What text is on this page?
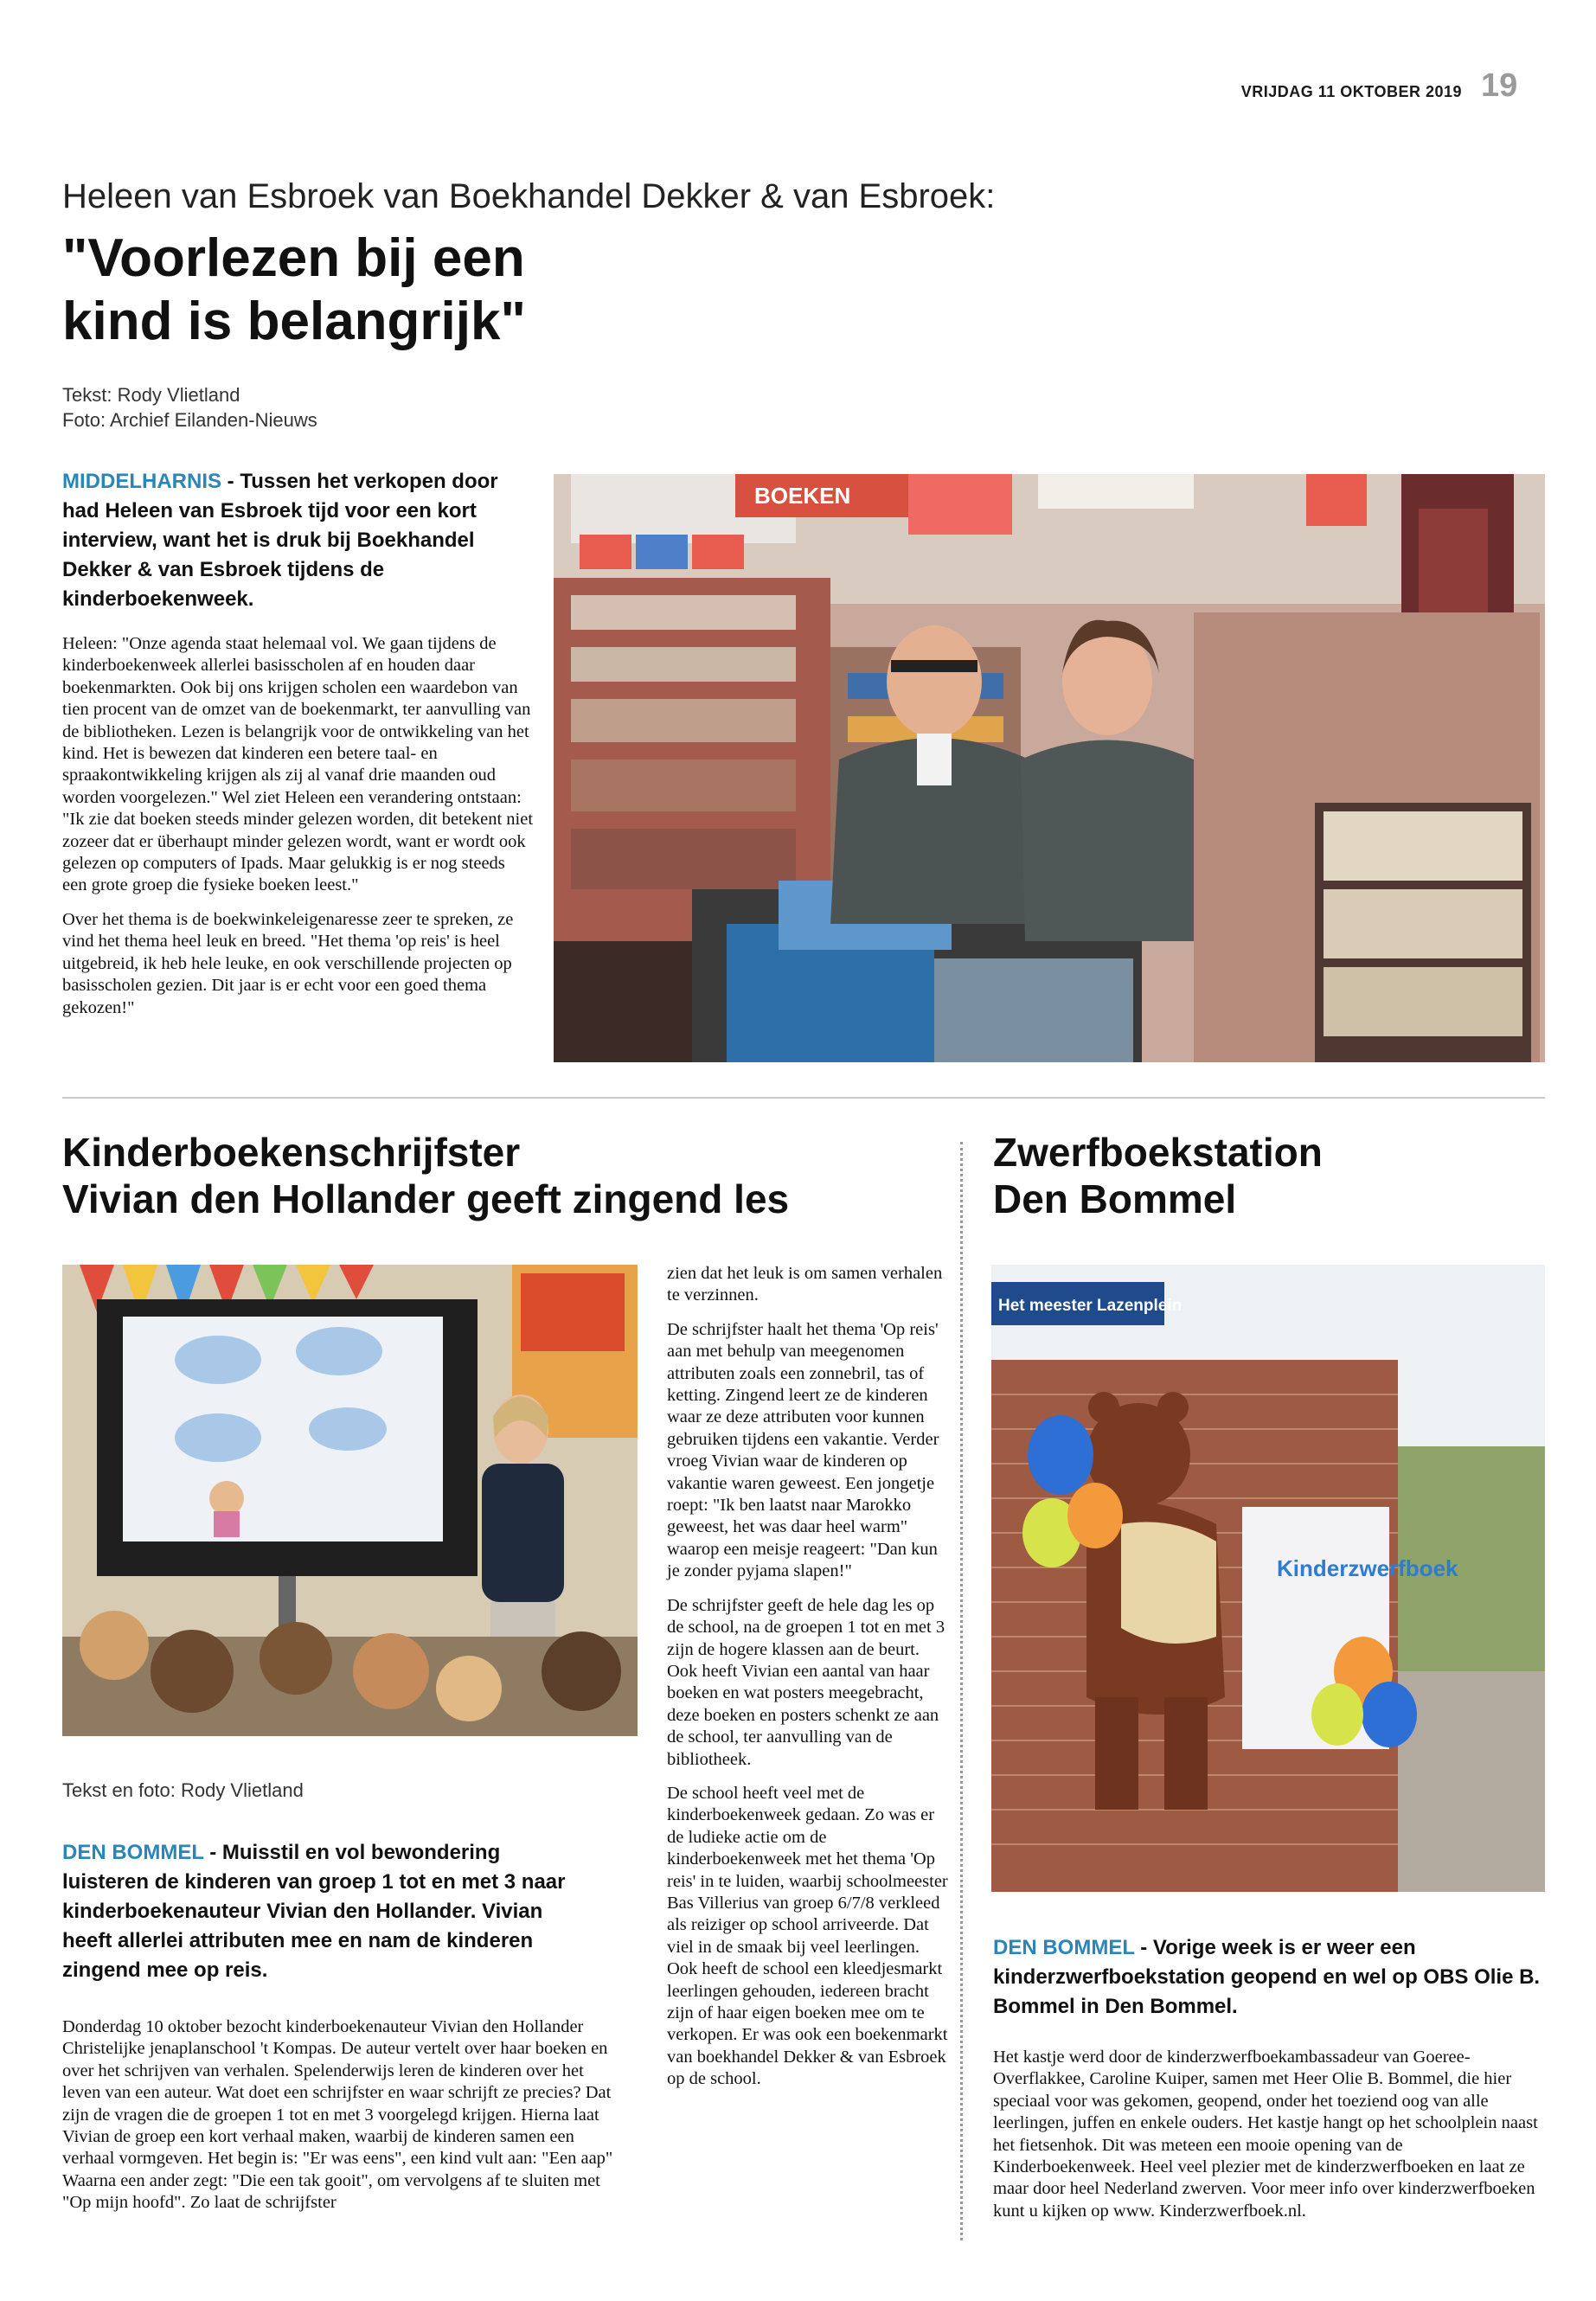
VRIJDAG 11 OKTOBER 2019 19
Heleen van Esbroek van Boekhandel Dekker & van Esbroek:
"Voorlezen bij een
kind is belangrijk"
Tekst: Rody Vlietland
Foto: Archief Eilanden-Nieuws
MIDDELHARNIS - Tussen het verkopen door had Heleen van Esbroek tijd voor een kort interview, want het is druk bij Boekhandel Dekker & van Esbroek tijdens de kinderboekenweek.

Heleen: "Onze agenda staat helemaal vol. We gaan tijdens de kinderboekenweek allerlei basisscholen af en houden daar boekenmarkten. Ook bij ons krijgen scholen een waardebon van tien procent van de omzet van de boekenmarkt, ter aanvulling van de bibliotheken. Lezen is belangrijk voor de ontwikkeling van het kind. Het is bewezen dat kinderen een betere taal- en spraakontwikkeling krijgen als zij al vanaf drie maanden oud worden voorgelezen." Wel ziet Heleen een verandering ontstaan: "Ik zie dat boeken steeds minder gelezen worden, dit betekent niet zozeer dat er überhaupt minder gelezen wordt, want er wordt ook gelezen op computers of Ipads. Maar gelukkig is er nog steeds een grote groep die fysieke boeken leest."

Over het thema is de boekwinkeleigenaresse zeer te spreken, ze vind het thema heel leuk en breed. "Het thema 'op reis' is heel uitgebreid, ik heb hele leuke, en ook verschillende projecten op basisscholen gezien. Dit jaar is er echt voor een goed thema gekozen!"

BOEKEN
Kinderboekenschrijfster
Vivian den Hollander geeft zingend les
Tekst en foto: Rody Vlietland
DEN BOMMEL - Muisstil en vol bewondering luisteren de kinderen van groep 1 tot en met 3 naar kinderboekenauteur Vivian den Hollander. Vivian heeft allerlei attributen mee en nam de kinderen zingend mee op reis.

Donderdag 10 oktober bezocht kinderboekenauteur Vivian den Hollander Christelijke jenaplanschool 't Kompas. De auteur vertelt over haar boeken en over het schrijven van verhalen. Spelenderwijs leren de kinderen over het leven van een auteur. Wat doet een schrijfster en waar schrijft ze precies? Dat zijn de vragen die de groepen 1 tot en met 3 voorgelegd krijgen. Hierna laat Vivian de groep een kort verhaal maken, waarbij de kinderen samen een verhaal vormgeven. Het begin is: "Er was eens", een kind vult aan: "Een aap" Waarna een ander zegt: "Die een tak gooit", om vervolgens af te sluiten met "Op mijn hoofd". Zo laat de schrijfster

zien dat het leuk is om samen verhalen te verzinnen.

De schrijfster haalt het thema 'Op reis' aan met behulp van meegenomen attributen zoals een zonnebril, tas of ketting. Zingend leert ze de kinderen waar ze deze attributen voor kunnen gebruiken tijdens een vakantie. Verder vroeg Vivian waar de kinderen op vakantie waren geweest. Een jongetje roept: "Ik ben laatst naar Marokko geweest, het was daar heel warm" waarop een meisje reageert: "Dan kun je zonder pyjama slapen!"

De schrijfster geeft de hele dag les op de school, na de groepen 1 tot en met 3 zijn de hogere klassen aan de beurt. Ook heeft Vivian een aantal van haar boeken en wat posters meegebracht, deze boeken en posters schenkt ze aan de school, ter aanvulling van de bibliotheek.

De school heeft veel met de kinderboekenweek gedaan. Zo was er de ludieke actie om de kinderboekenweek met het thema 'Op reis' in te luiden, waarbij schoolmeester Bas Villerius van groep 6/7/8 verkleed als reiziger op school arriveerde. Dat viel in de smaak bij veel leerlingen. Ook heeft de school een kleedjesmarkt leerlingen gehouden, iedereen bracht zijn of haar eigen boeken mee om te verkopen. Er was ook een boekenmarkt van boekhandel Dekker & van Esbroek op de school.

Zwerfboekstation
Den Bommel
Het meester Lazenplein
Kinderzwerfboek
DEN BOMMEL - Vorige week is er weer een kinderzwerfboekstation geopend en wel op OBS Olie B. Bommel in Den Bommel.

Het kastje werd door de kinderzwerfboekambassadeur van Goeree-Overflakkee, Caroline Kuiper, samen met Heer Olie B. Bommel, die hier speciaal voor was gekomen, geopend, onder het toeziend oog van alle leerlingen, juffen en enkele ouders. Het kastje hangt op het schoolplein naast het fietsenhok. Dit was meteen een mooie opening van de Kinderboekenweek. Heel veel plezier met de kinderzwerfboeken en laat ze maar door heel Nederland zwerven. Voor meer info over kinderzwerfboeken kunt u kijken op www. Kinderzwerfboek.nl.
